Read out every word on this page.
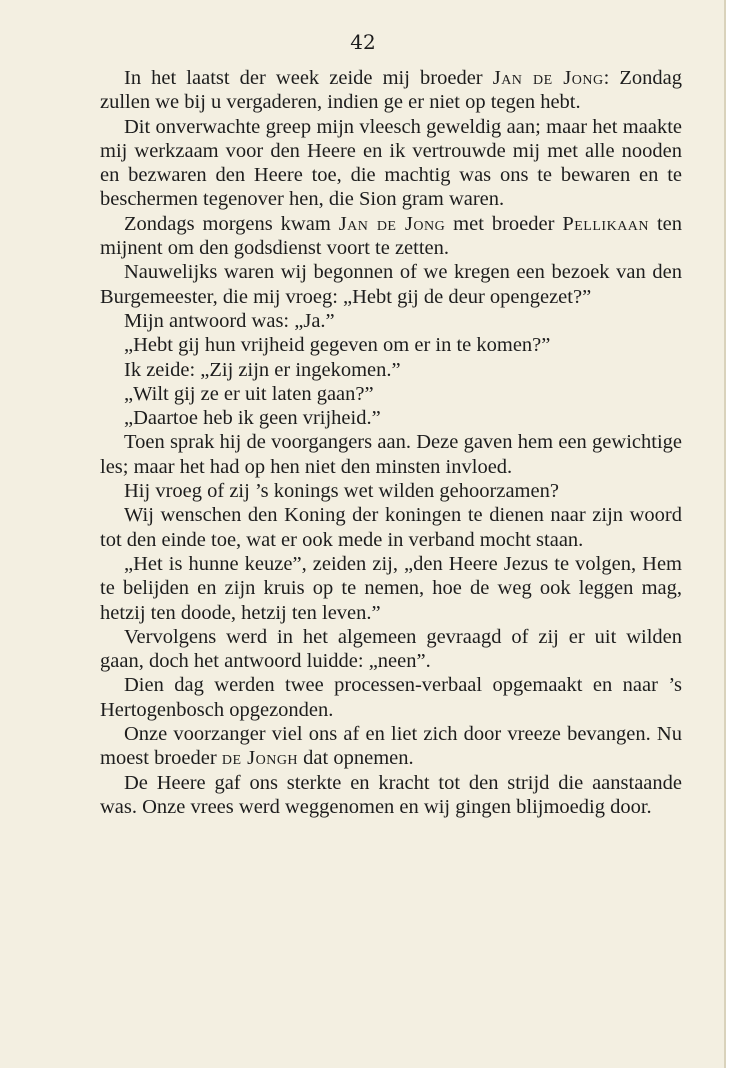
42

In het laatst der week zeide mij broeder Jan de Jong: Zondag zullen we bij u vergaderen, indien ge er niet op tegen hebt.

Dit onverwachte greep mijn vleesch geweldig aan; maar het maakte mij werkzaam voor den Heere en ik vertrouwde mij met alle nooden en bezwaren den Heere toe, die machtig was ons te bewaren en te beschermen tegenover hen, die Sion gram waren.

Zondags morgens kwam Jan de Jong met broeder Pellikaan ten mijnent om den godsdienst voort te zetten.

Nauwelijks waren wij begonnen of we kregen een bezoek van den Burgemeester, die mij vroeg: „Hebt gij de deur opengezet?”

Mijn antwoord was: „Ja.”

„Hebt gij hun vrijheid gegeven om er in te komen?”

Ik zeide: „Zij zijn er ingekomen.”

„Wilt gij ze er uit laten gaan?”

„Daartoe heb ik geen vrijheid.”

Toen sprak hij de voorgangers aan. Deze gaven hem een gewichtige les; maar het had op hen niet den minsten invloed.

Hij vroeg of zij ’s konings wet wilden gehoorzamen?

Wij wenschen den Koning der koningen te dienen naar zijn woord tot den einde toe, wat er ook mede in verband mocht staan.

„Het is hunne keuze”, zeiden zij, „den Heere Jezus te volgen, Hem te belijden en zijn kruis op te nemen, hoe de weg ook leggen mag, hetzij ten doode, hetzij ten leven.”

Vervolgens werd in het algemeen gevraagd of zij er uit wilden gaan, doch het antwoord luidde: „neen”.

Dien dag werden twee processen-verbaal opgemaakt en naar ’s Hertogenbosch opgezonden.

Onze voorzanger viel ons af en liet zich door vreeze bevangen. Nu moest broeder de Jongh dat opnemen.

De Heere gaf ons sterkte en kracht tot den strijd die aanstaande was. Onze vrees werd weggenomen en wij gingen blijmoedig door.
